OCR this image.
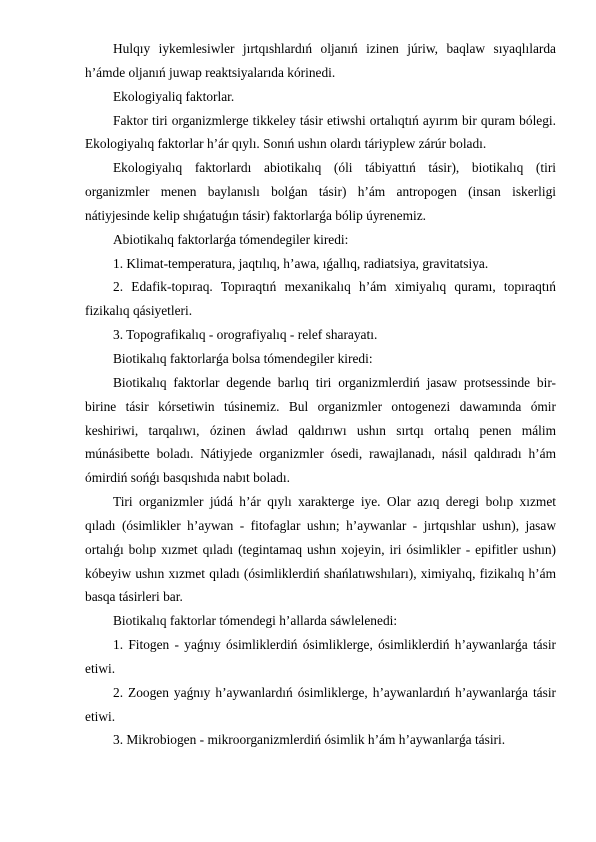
Hulqıy iykemlesiwler jırtqıshlardıń oljanıń izinen júriw, baqlaw sıyaqlılarda h’ámde oljanıń juwap reaktsiyalarıda kórinedi.

Ekologiyaliq faktorlar.

Faktor tiri organizmlerge tikkeley tásir etiwshi ortalıqtıń ayırım bir quram bólegi. Ekologiyalıq faktorlar h’ár qıylı. Sonıń ushın olardı táriyplew zárúr boladı.

Ekologiyalıq faktorlardı abiotikalıq (óli tábiyattıń tásir), biotikalıq (tiri organizmler menen baylanıslı bolǵan tásir) h’ám antropogen (insan iskerligi nátiyjesinde kelip shıǵatuǵın tásir) faktorlarǵa bólip úyrenemiz.

Abiotikalıq faktorlarǵa tómendegiler kiredi:

1. Klimat-temperatura, jaqtılıq, h’awa, ıǵallıq, radiatsiya, gravitatsiya.

2. Edafik-topıraq. Topıraqtıń mexanikalıq h’ám ximiyalıq quramı, topıraqtıń fizikalıq qásiyetleri.

3. Topografikalıq - orografiyalıq - relef sharayatı.

Biotikalıq faktorlarǵa bolsa tómendegiler kiredi:

Biotikalıq faktorlar degende barlıq tiri organizmlerdiń jasaw protsessinde bir-birine tásir kórsetiwin túsinemiz. Bul organizmler ontogenezi dawamında ómir keshiriwi, tarqalıwı, ózinen áwlad qaldırıwı ushın sırtqı ortalıq penen málim múnásibette boladı. Nátiyjede organizmler ósedi, rawajlanadı, násil qaldıradı h’ám ómirdiń sońǵı basqıshıda nabıt boladı.

Tiri organizmler júdá h’ár qıylı xarakterge iye. Olar azıq deregi bolıp xızmet qıladı (ósimlikler h’aywan - fitofaglar ushın; h’aywanlar - jırtqıshlar ushın), jasaw ortalıǵı bolıp xızmet qıladı (tegintamaq ushın xojeyin, iri ósimlikler - epifitler ushın) kóbeyiw ushın xızmet qıladı (ósimliklerdiń shańlatıwshıları), ximiyalıq, fizikalıq h’ám basqa tásirleri bar.

Biotikalıq faktorlar tómendegi h’allarda sáwlelenedi:

1. Fitogen - yaǵnıy ósimliklerdiń ósimliklerge, ósimliklerdiń h’aywanlarǵa tásir etiwi.

2. Zoogen yaǵnıy h’aywanlardıń ósimliklerge, h’aywanlardıń h’aywanlarǵa tásir etiwi.

3. Mikrobiogen - mikroorganizmlerdiń ósimlik h’ám h’aywanlarǵa tásiri.
